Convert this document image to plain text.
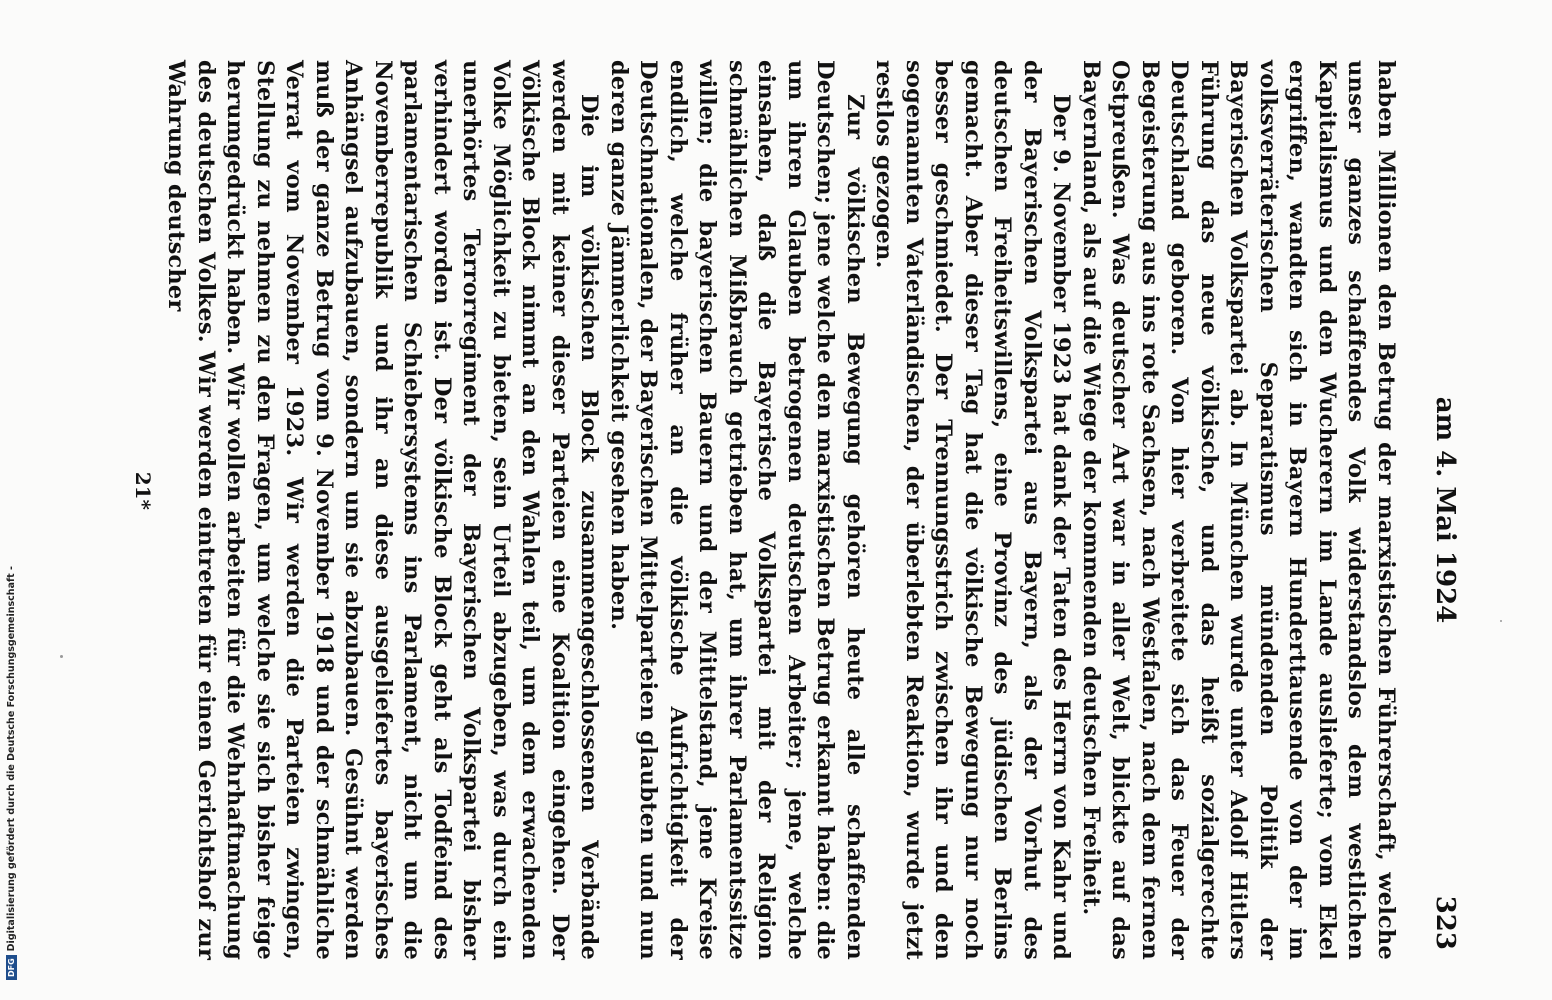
am 4. Mai 1924
323

haben Millionen den Betrug der marxistischen Führerschaft, welche unser ganzes schaffendes Volk widerstandslos dem westlichen Kapitalismus und den Wucherern im Lande auslieferte; vom Ekel ergriffen, wandten sich in Bayern Hunderttausende von der im volksverräterischen Separatismus mündenden Politik der Bayerischen Volkspartei ab. In München wurde unter Adolf Hitlers Führung das neue völkische, und das heißt sozialgerechte Deutschland geboren. Von hier verbreitete sich das Feuer der Begeisterung aus ins rote Sachsen, nach Westfalen, nach dem fernen Ostpreußen. Was deutscher Art war in aller Welt, blickte auf das Bayernland, als auf die Wiege der kommenden deutschen Freiheit.

Der 9. November 1923 hat dank der Taten des Herrn von Kahr und der Bayerischen Volkspartei aus Bayern, als der Vorhut des deutschen Freiheitswillens, eine Provinz des jüdischen Berlins gemacht. Aber dieser Tag hat die völkische Bewegung nur noch besser geschmiedet. Der Trennungsstrich zwischen ihr und den sogenannten Vaterländischen, der überlebten Reaktion, wurde jetzt restlos gezogen.

Zur völkischen Bewegung gehören heute alle schaffenden Deutschen; jene welche den marxistischen Betrug erkannt haben: die um ihren Glauben betrogenen deutschen Arbeiter; jene, welche einsahen, daß die Bayerische Volkspartei mit der Religion schmählichen Mißbrauch getrieben hat, um ihrer Parlamentssitze willen; die bayerischen Bauern und der Mittelstand, jene Kreise endlich, welche früher an die völkische Aufrichtigkeit der Deutschnationalen, der Bayerischen Mittelparteien glaubten und nun deren ganze Jämmerlichkeit gesehen haben.

Die im völkischen Block zusammengeschlossenen Verbände werden mit keiner dieser Parteien eine Koalition eingehen. Der Völkische Block nimmt an den Wahlen teil, um dem erwachenden Volke Möglichkeit zu bieten, sein Urteil abzugeben, was durch ein unerhörtes Terrorregiment der Bayerischen Volkspartei bisher verhindert worden ist. Der völkische Block geht als Todfeind des parlamentarischen Schiebersystems ins Parlament, nicht um die Novemberrepublik und ihr an diese ausgeliefertes bayerisches Anhängsel aufzubauen, sondern um sie abzubauen. Gesühnt werden muß der ganze Betrug vom 9. November 1918 und der schmähliche Verrat vom November 1923. Wir werden die Parteien zwingen, Stellung zu nehmen zu den Fragen, um welche sie sich bisher feige herumgedrückt haben. Wir wollen arbeiten für die Wehrhaftmachung des deutschen Volkes. Wir werden eintreten für einen Gerichtshof zur Wahrung deutscher

21*
DFG
Digitalisierung gefördert durch die Deutsche Forschungsgemeinschaft -
